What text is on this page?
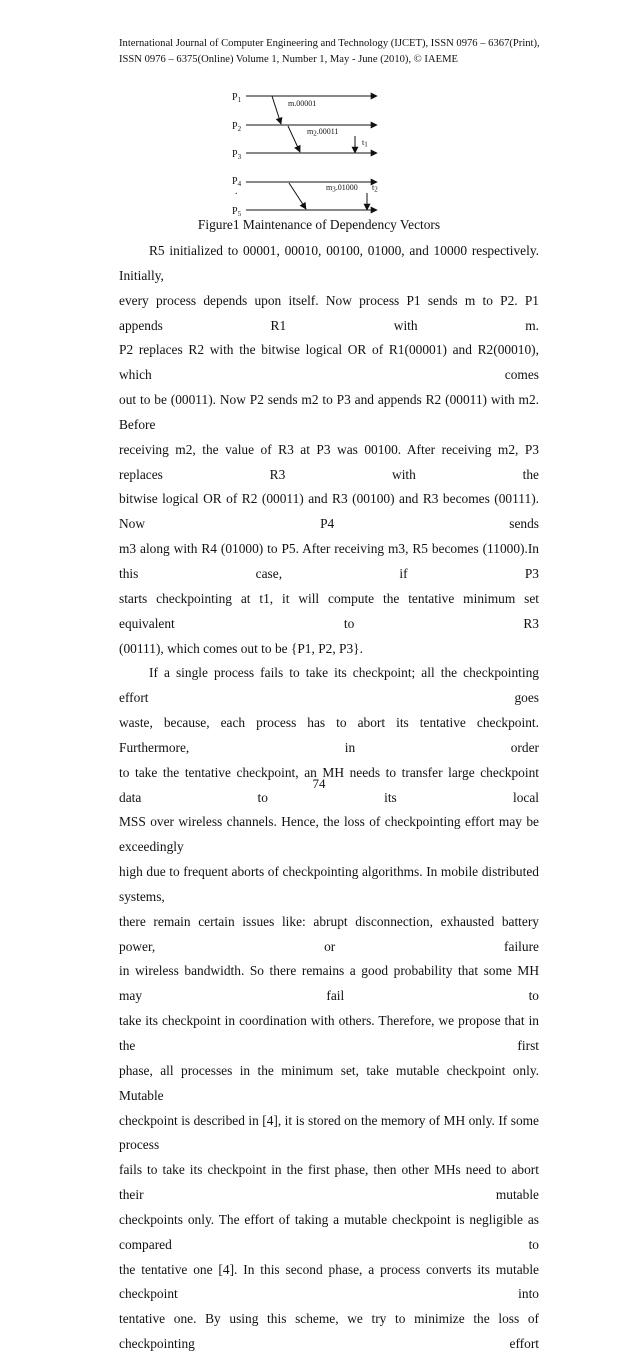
International Journal of Computer Engineering and Technology (IJCET), ISSN 0976 – 6367(Print),
ISSN 0976 – 6375(Online) Volume 1, Number 1, May - June (2010), © IAEME
$P_1$
$P_2$
$P_3$
$P_4$
.
$P_5$
m.00001
m2.00011
m3.01000
t1
t2
Figure1 Maintenance of Dependency Vectors

R5 initialized to 00001, 00010, 00100, 01000, and 10000 respectively. Initially,
every process depends upon itself. Now process P1 sends m to P2. P1 appends R1 with m.
P2 replaces R2 with the bitwise logical OR of R1(00001) and R2(00010), which comes
out to be (00011). Now P2 sends m2 to P3 and appends R2 (00011) with m2. Before
receiving m2, the value of R3 at P3 was 00100. After receiving m2, P3 replaces R3 with the
bitwise logical OR of R2 (00011) and R3 (00100) and R3 becomes (00111). Now P4 sends
m3 along with R4 (01000) to P5. After receiving m3, R5 becomes (11000).In this case, if P3
starts checkpointing at t1, it will compute the tentative minimum set equivalent to R3
(00111), which comes out to be {P1, P2, P3}.

If a single process fails to take its checkpoint; all the checkpointing effort goes
waste, because, each process has to abort its tentative checkpoint. Furthermore, in order
to take the tentative checkpoint, an MH needs to transfer large checkpoint data to its local
MSS over wireless channels. Hence, the loss of checkpointing effort may be exceedingly
high due to frequent aborts of checkpointing algorithms. In mobile distributed systems,
there remain certain issues like: abrupt disconnection, exhausted battery power, or failure
in wireless bandwidth. So there remains a good probability that some MH may fail to
take its checkpoint in coordination with others. Therefore, we propose that in the first
phase, all processes in the minimum set, take mutable checkpoint only. Mutable
checkpoint is described in [4], it is stored on the memory of MH only. If some process
fails to take its checkpoint in the first phase, then other MHs need to abort their mutable
checkpoints only. The effort of taking a mutable checkpoint is negligible as compared to
the tentative one [4]. In this second phase, a process converts its mutable checkpoint into
tentative one. By using this scheme, we try to minimize the loss of checkpointing effort

74
